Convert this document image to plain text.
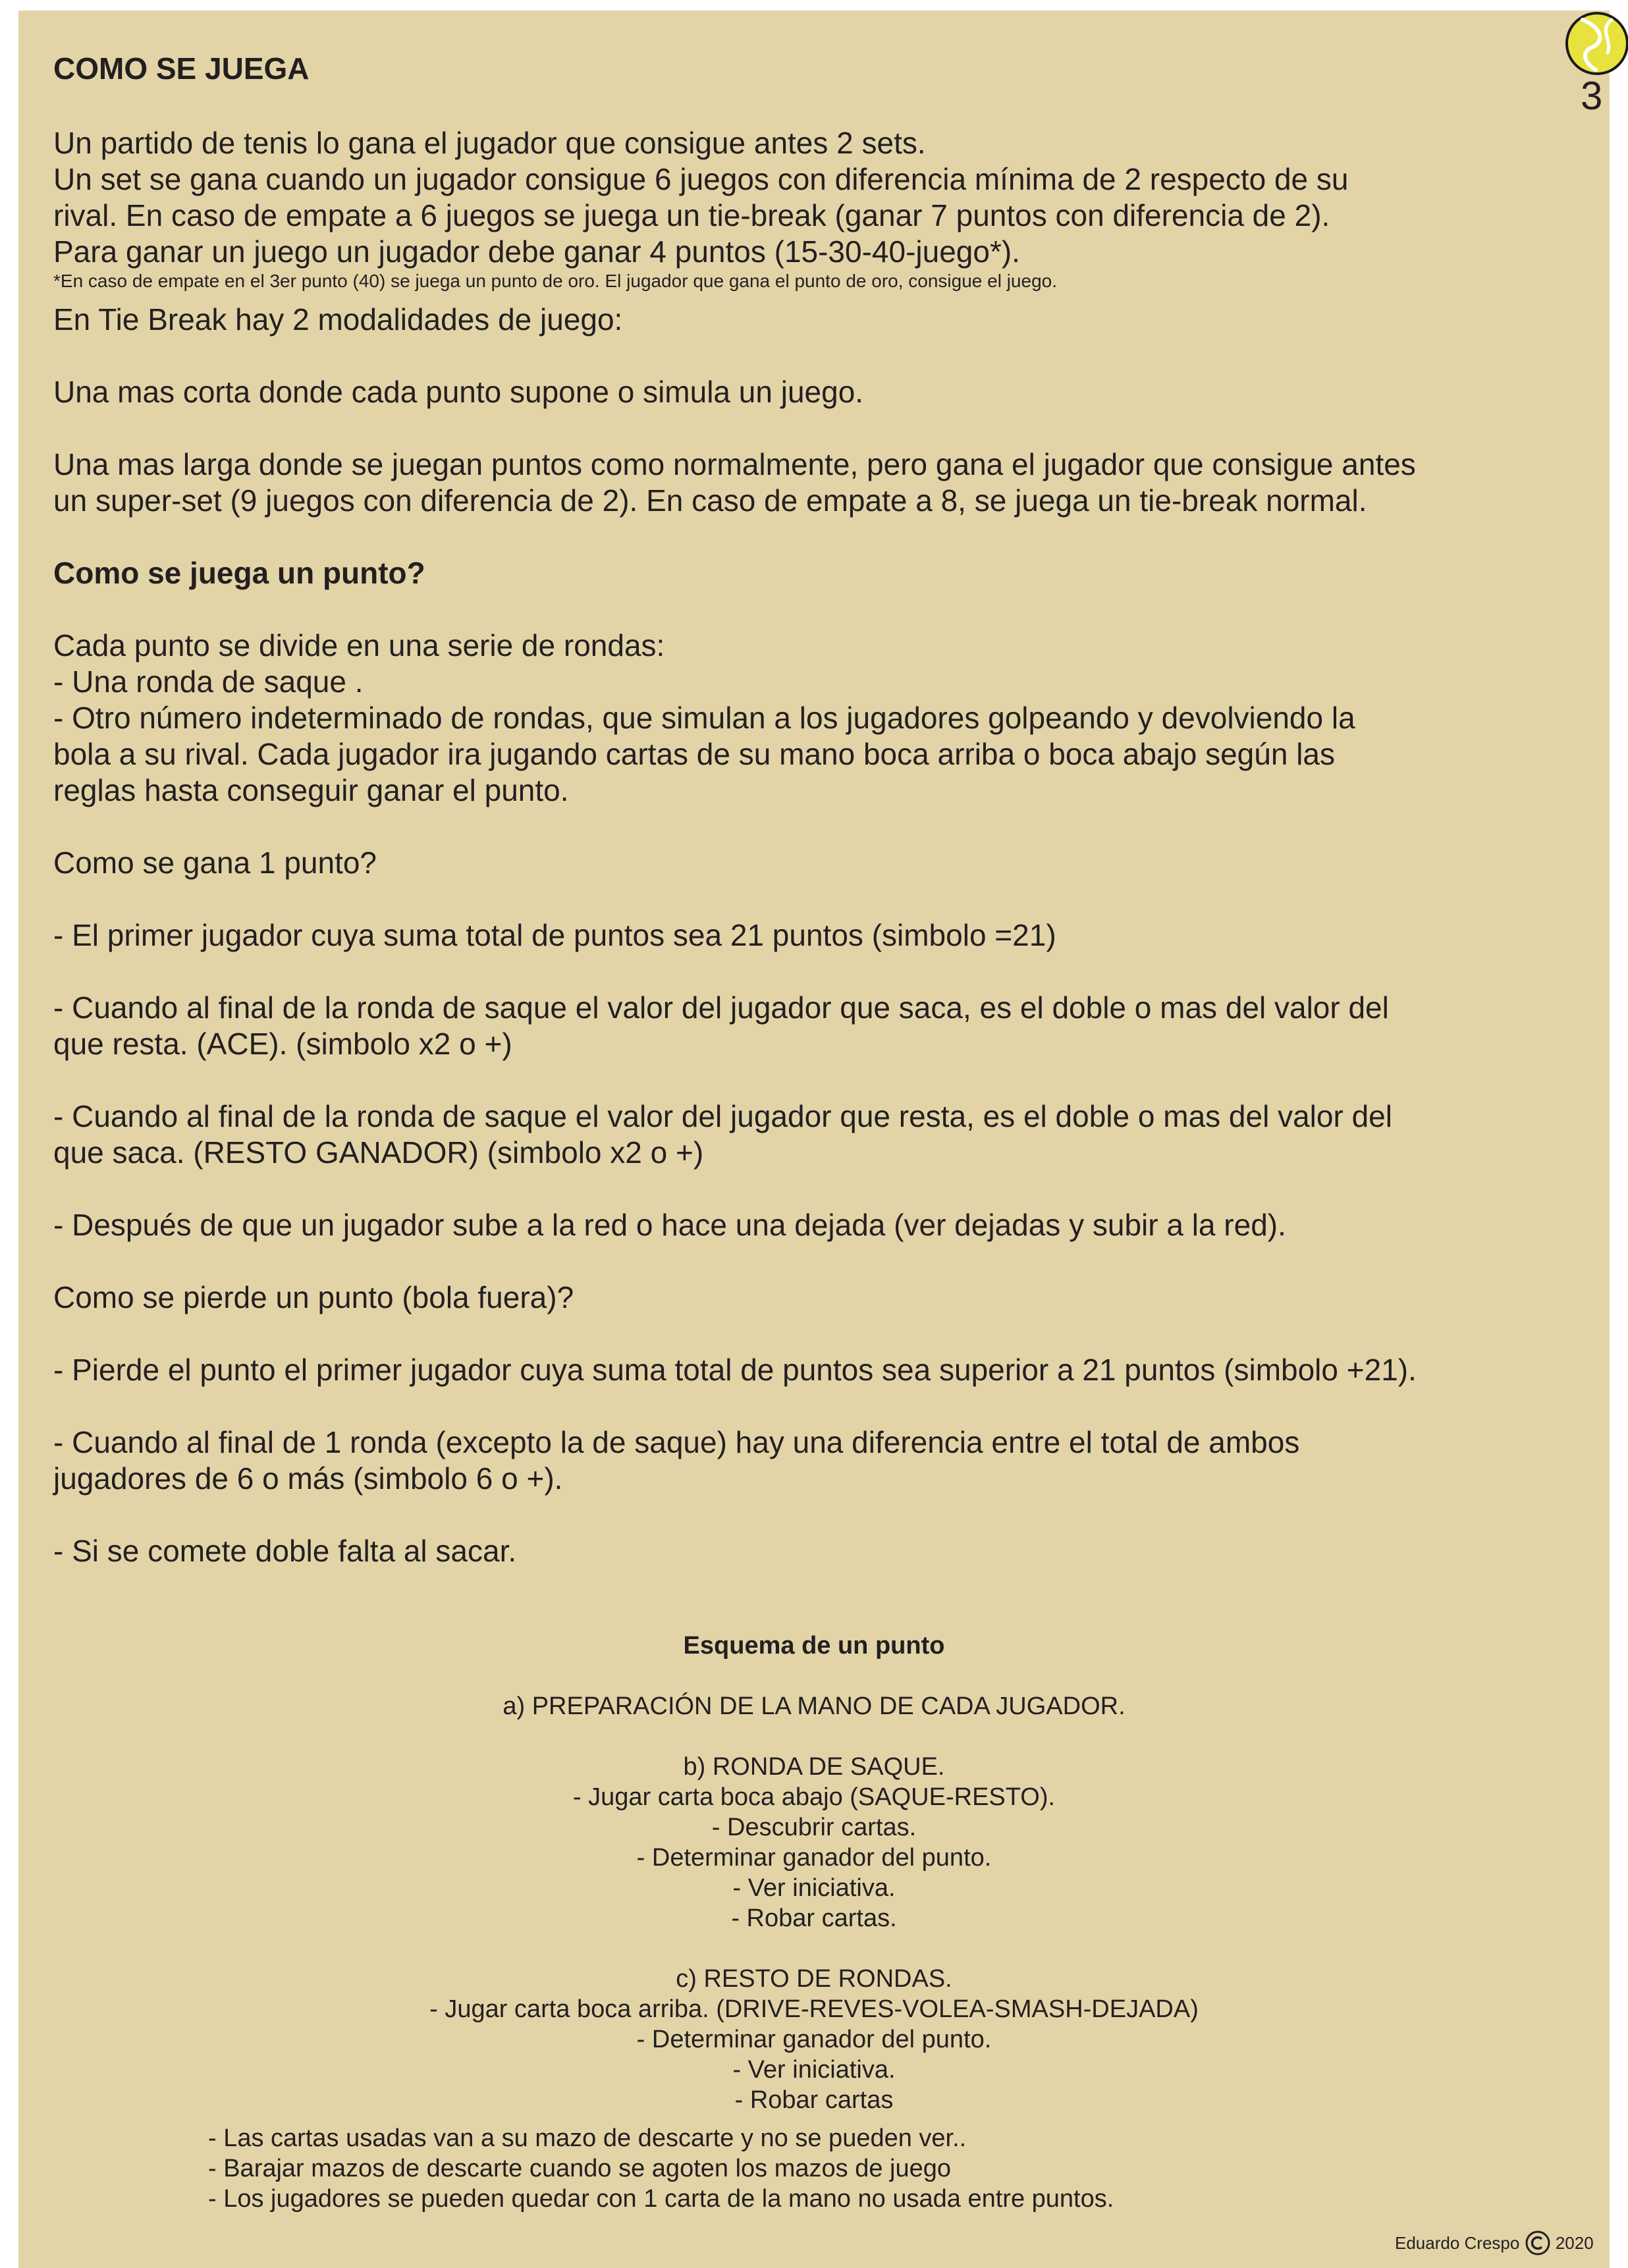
3
COMO SE JUEGA
Un partido de tenis lo gana el jugador que consigue antes 2 sets.
Un set se gana cuando un jugador consigue 6 juegos con diferencia mínima de 2 respecto de su
rival. En caso de empate a 6 juegos se juega un tie-break (ganar 7 puntos con diferencia de 2).
Para ganar un juego un jugador debe ganar 4 puntos (15-30-40-juego*).
*En caso de empate en el 3er punto (40) se juega un punto de oro. El jugador que gana el punto de oro, consigue el juego.
En Tie Break hay 2 modalidades de juego:
Una mas corta donde cada punto supone o simula un juego.
Una mas larga donde se juegan puntos como normalmente, pero gana el jugador que consigue antes
un super-set (9 juegos con diferencia de 2). En caso de empate a 8, se juega un tie-break normal.
Como se juega un punto?
Cada punto se divide en una serie de rondas:
- Una ronda de saque .
- Otro número indeterminado de rondas, que simulan a los jugadores golpeando y devolviendo la
bola a su rival. Cada jugador ira jugando cartas de su mano boca arriba o boca abajo según las
reglas hasta conseguir ganar el punto.
Como se gana 1 punto?
- El primer jugador cuya suma total de puntos sea 21 puntos (simbolo =21)
- Cuando al final de la ronda de saque el valor del jugador que saca, es el doble o mas del valor del
que resta. (ACE). (simbolo x2 o +)
- Cuando al final de la ronda de saque el valor del jugador que resta, es el doble o mas del valor del
que saca. (RESTO GANADOR) (simbolo x2 o +)
- Después de que un jugador sube a la red o hace una dejada (ver dejadas y subir a la red).
Como se pierde un punto (bola fuera)?
- Pierde el punto el primer jugador cuya suma total de puntos sea superior a 21 puntos (simbolo +21).
- Cuando al final de 1 ronda (excepto la de saque) hay una diferencia entre el total de ambos
jugadores de 6 o más (simbolo 6 o +).
- Si se comete doble falta al sacar.
Esquema de un punto
a) PREPARACIÓN DE LA MANO DE CADA JUGADOR.
b) RONDA DE SAQUE.
- Jugar carta boca abajo (SAQUE-RESTO).
- Descubrir cartas.
- Determinar ganador del punto.
- Ver iniciativa.
- Robar cartas.
c) RESTO DE RONDAS.
- Jugar carta boca arriba. (DRIVE-REVES-VOLEA-SMASH-DEJADA)
- Determinar ganador del punto.
- Ver iniciativa.
- Robar cartas
- Las cartas usadas van a su mazo de descarte y no se pueden ver..
- Barajar mazos de descarte cuando se agoten los mazos de juego
- Los jugadores se pueden quedar con 1 carta de la mano no usada entre puntos.
Eduardo Crespo 2020
